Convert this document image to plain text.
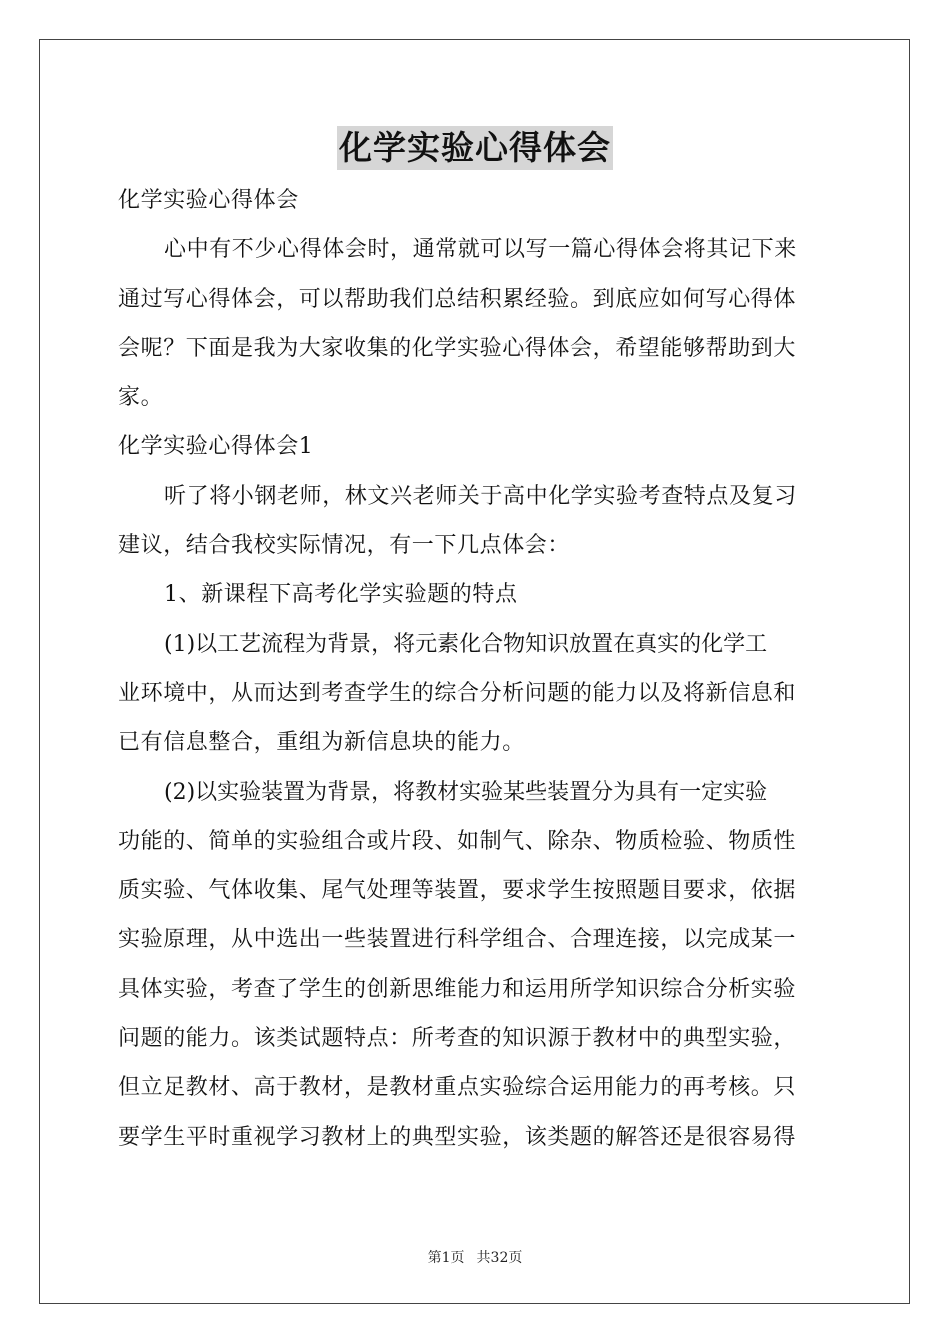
化学实验心得体会
化学实验心得体会
心中有不少心得体会时，通常就可以写一篇心得体会将其记下来
通过写心得体会，可以帮助我们总结积累经验。到底应如何写心得体
会呢？下面是我为大家收集的化学实验心得体会，希望能够帮助到大
家。
化学实验心得体会1
听了将小钢老师，林文兴老师关于高中化学实验考查特点及复习
建议，结合我校实际情况，有一下几点体会：
1、新课程下高考化学实验题的特点
(1)以工艺流程为背景，将元素化合物知识放置在真实的化学工
业环境中，从而达到考查学生的综合分析问题的能力以及将新信息和
已有信息整合，重组为新信息块的能力。
(2)以实验装置为背景，将教材实验某些装置分为具有一定实验
功能的、简单的实验组合或片段、如制气、除杂、物质检验、物质性
质实验、气体收集、尾气处理等装置，要求学生按照题目要求，依据
实验原理，从中选出一些装置进行科学组合、合理连接，以完成某一
具体实验，考查了学生的创新思维能力和运用所学知识综合分析实验
问题的能力。该类试题特点：所考查的知识源于教材中的典型实验，
但立足教材、高于教材，是教材重点实验综合运用能力的再考核。只
要学生平时重视学习教材上的典型实验，该类题的解答还是很容易得
第1页 共32页
